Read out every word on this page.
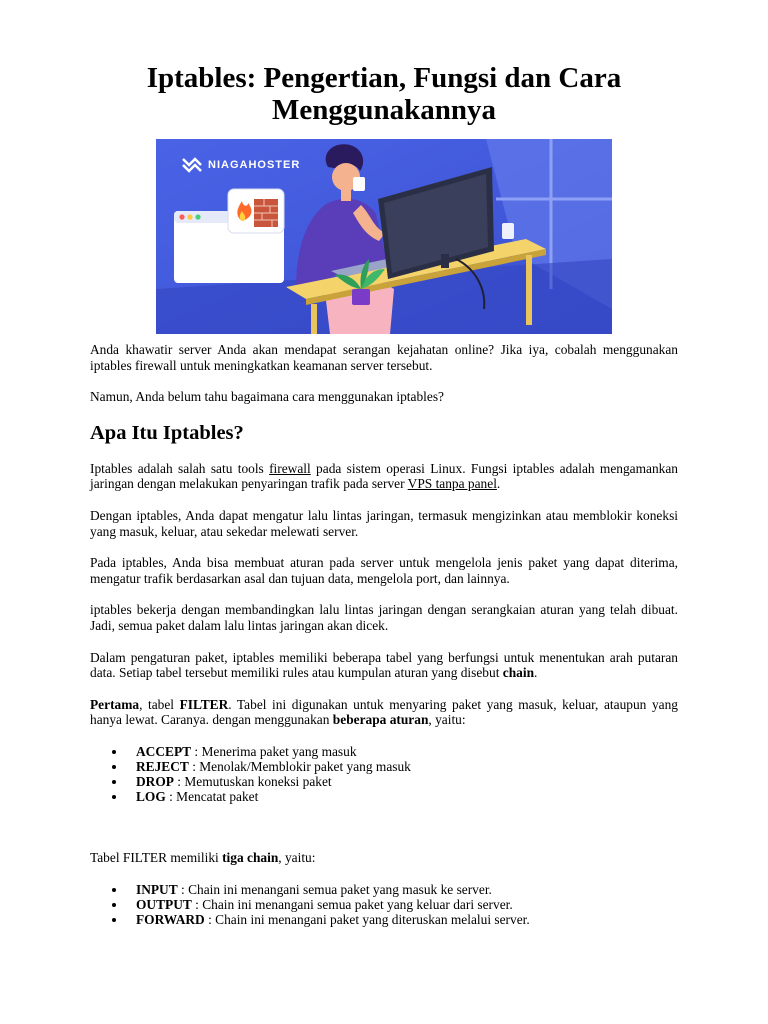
Iptables: Pengertian, Fungsi dan Cara Menggunakannya
NIAGAHOSTER

Anda khawatir server Anda akan mendapat serangan kejahatan online? Jika iya, cobalah menggunakan iptables firewall untuk meningkatkan keamanan server tersebut.

Namun, Anda belum tahu bagaimana cara menggunakan iptables?

Apa Itu Iptables?

Iptables adalah salah satu tools firewall pada sistem operasi Linux. Fungsi iptables adalah mengamankan jaringan dengan melakukan penyaringan trafik pada server VPS tanpa panel.

Dengan iptables, Anda dapat mengatur lalu lintas jaringan, termasuk mengizinkan atau memblokir koneksi yang masuk, keluar, atau sekedar melewati server.

Pada iptables, Anda bisa membuat aturan pada server untuk mengelola jenis paket yang dapat diterima, mengatur trafik berdasarkan asal dan tujuan data, mengelola port, dan lainnya.

iptables bekerja dengan membandingkan lalu lintas jaringan dengan serangkaian aturan yang telah dibuat. Jadi, semua paket dalam lalu lintas jaringan akan dicek.

Dalam pengaturan paket, iptables memiliki beberapa tabel yang berfungsi untuk menentukan arah putaran data. Setiap tabel tersebut memiliki rules atau kumpulan aturan yang disebut chain.

Pertama, tabel FILTER. Tabel ini digunakan untuk menyaring paket yang masuk, keluar, ataupun yang hanya lewat. Caranya. dengan menggunakan beberapa aturan, yaitu:

ACCEPT : Menerima paket yang masuk
REJECT : Menolak/Memblokir paket yang masuk
DROP : Memutuskan koneksi paket
LOG : Mencatat paket

Tabel FILTER memiliki tiga chain, yaitu:

INPUT : Chain ini menangani semua paket yang masuk ke server.
OUTPUT : Chain ini menangani semua paket yang keluar dari server.
FORWARD : Chain ini menangani paket yang diteruskan melalui server.
